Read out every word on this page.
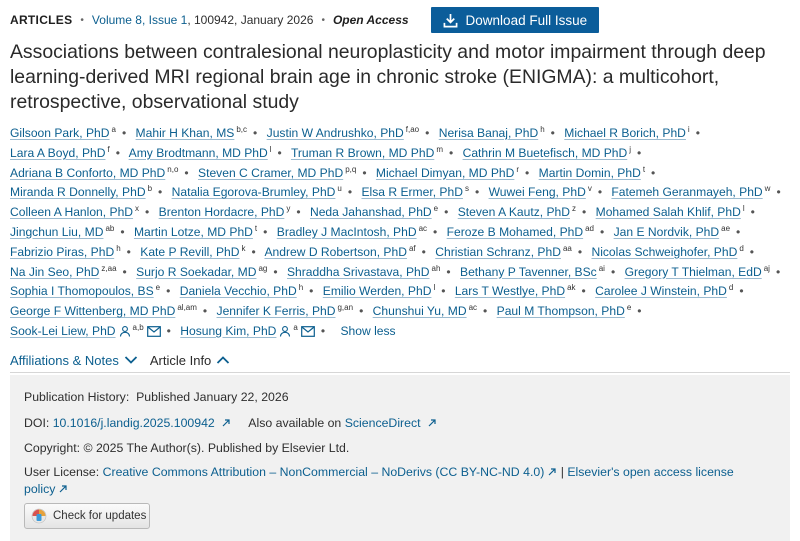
ARTICLES • Volume 8, Issue 1 , 100942 , January 2026 • Open Access	Download Full Issue
Associations between contralesional neuroplasticity and motor impairment through deep learning-derived MRI regional brain age in chronic stroke (ENIGMA): a multicohort, retrospective, observational study
Gilsoon Park, PhD $^a$ • Mahir H Khan, MS $^{b,c}$ • Justin W Andrushko, PhD $^{f,ao}$ • Nerisa Banaj, PhD $^h$ • Michael R Borich, PhD $^i$ • Lara A Boyd, PhD $^f$ • Amy Brodtmann, MD PhD $^l$ • Truman R Brown, MD PhD $^m$ • Cathrin M Buetefisch, MD PhD $^j$ • Adriana B Conforto, MD PhD $^{n,o}$ • Steven C Cramer, MD PhD $^{p,q}$ • Michael Dimyan, MD PhD $^r$ • Martin Domin, PhD $^t$ • Miranda R Donnelly, PhD $^b$ • Natalia Egorova-Brumley, PhD $^u$ • Elsa R Ermer, PhD $^s$ • Wuwei Feng, PhD $^v$ • Fatemeh Geranmayeh, PhD $^w$ • Colleen A Hanlon, PhD $^x$ • Brenton Hordacre, PhD $^y$ • Neda Jahanshad, PhD $^e$ • Steven A Kautz, PhD $^z$ • Mohamed Salah Khlif, PhD $^l$ • Jingchun Liu, MD $^{ab}$ • Martin Lotze, MD PhD $^t$ • Bradley J MacIntosh, PhD $^{ac}$ • Feroze B Mohamed, PhD $^{ad}$ • Jan E Nordvik, PhD $^{ae}$ • Fabrizio Piras, PhD $^h$ • Kate P Revill, PhD $^k$ • Andrew D Robertson, PhD $^{af}$ • Christian Schranz, PhD $^{aa}$ • Nicolas Schweighofer, PhD $^d$ • Na Jin Seo, PhD $^{z,aa}$ • Surjo R Soekadar, MD $^{ag}$ • Shraddha Srivastava, PhD $^{ah}$ • Bethany P Tavenner, BSc $^{ai}$ • Gregory T Thielman, EdD $^{aj}$ • Sophia I Thomopoulos, BS $^e$ • Daniela Vecchio, PhD $^h$ • Emilio Werden, PhD $^l$ • Lars T Westlye, PhD $^{ak}$ • Carolee J Winstein, PhD $^d$ • George F Wittenberg, MD PhD $^{al,am}$ • Jennifer K Ferris, PhD $^{g,an}$ • Chunshui Yu, MD $^{ac}$ • Paul M Thompson, PhD $^e$ • Sook-Lei Liew, PhD $^{a,b}$ • Hosung Kim, PhD $^a$ • Show less
Affiliations & Notes Article Info
Publication History: Published January 22, 2026
DOI: 10.1016/j.landig.2025.100942	Also available on ScienceDirect
Copyright: © 2025 The Author(s). Published by Elsevier Ltd.
User License: Creative Commons Attribution – NonCommercial – NoDerivs (CC BY-NC-ND 4.0) | Elsevier's open access license policy
Check for updates
